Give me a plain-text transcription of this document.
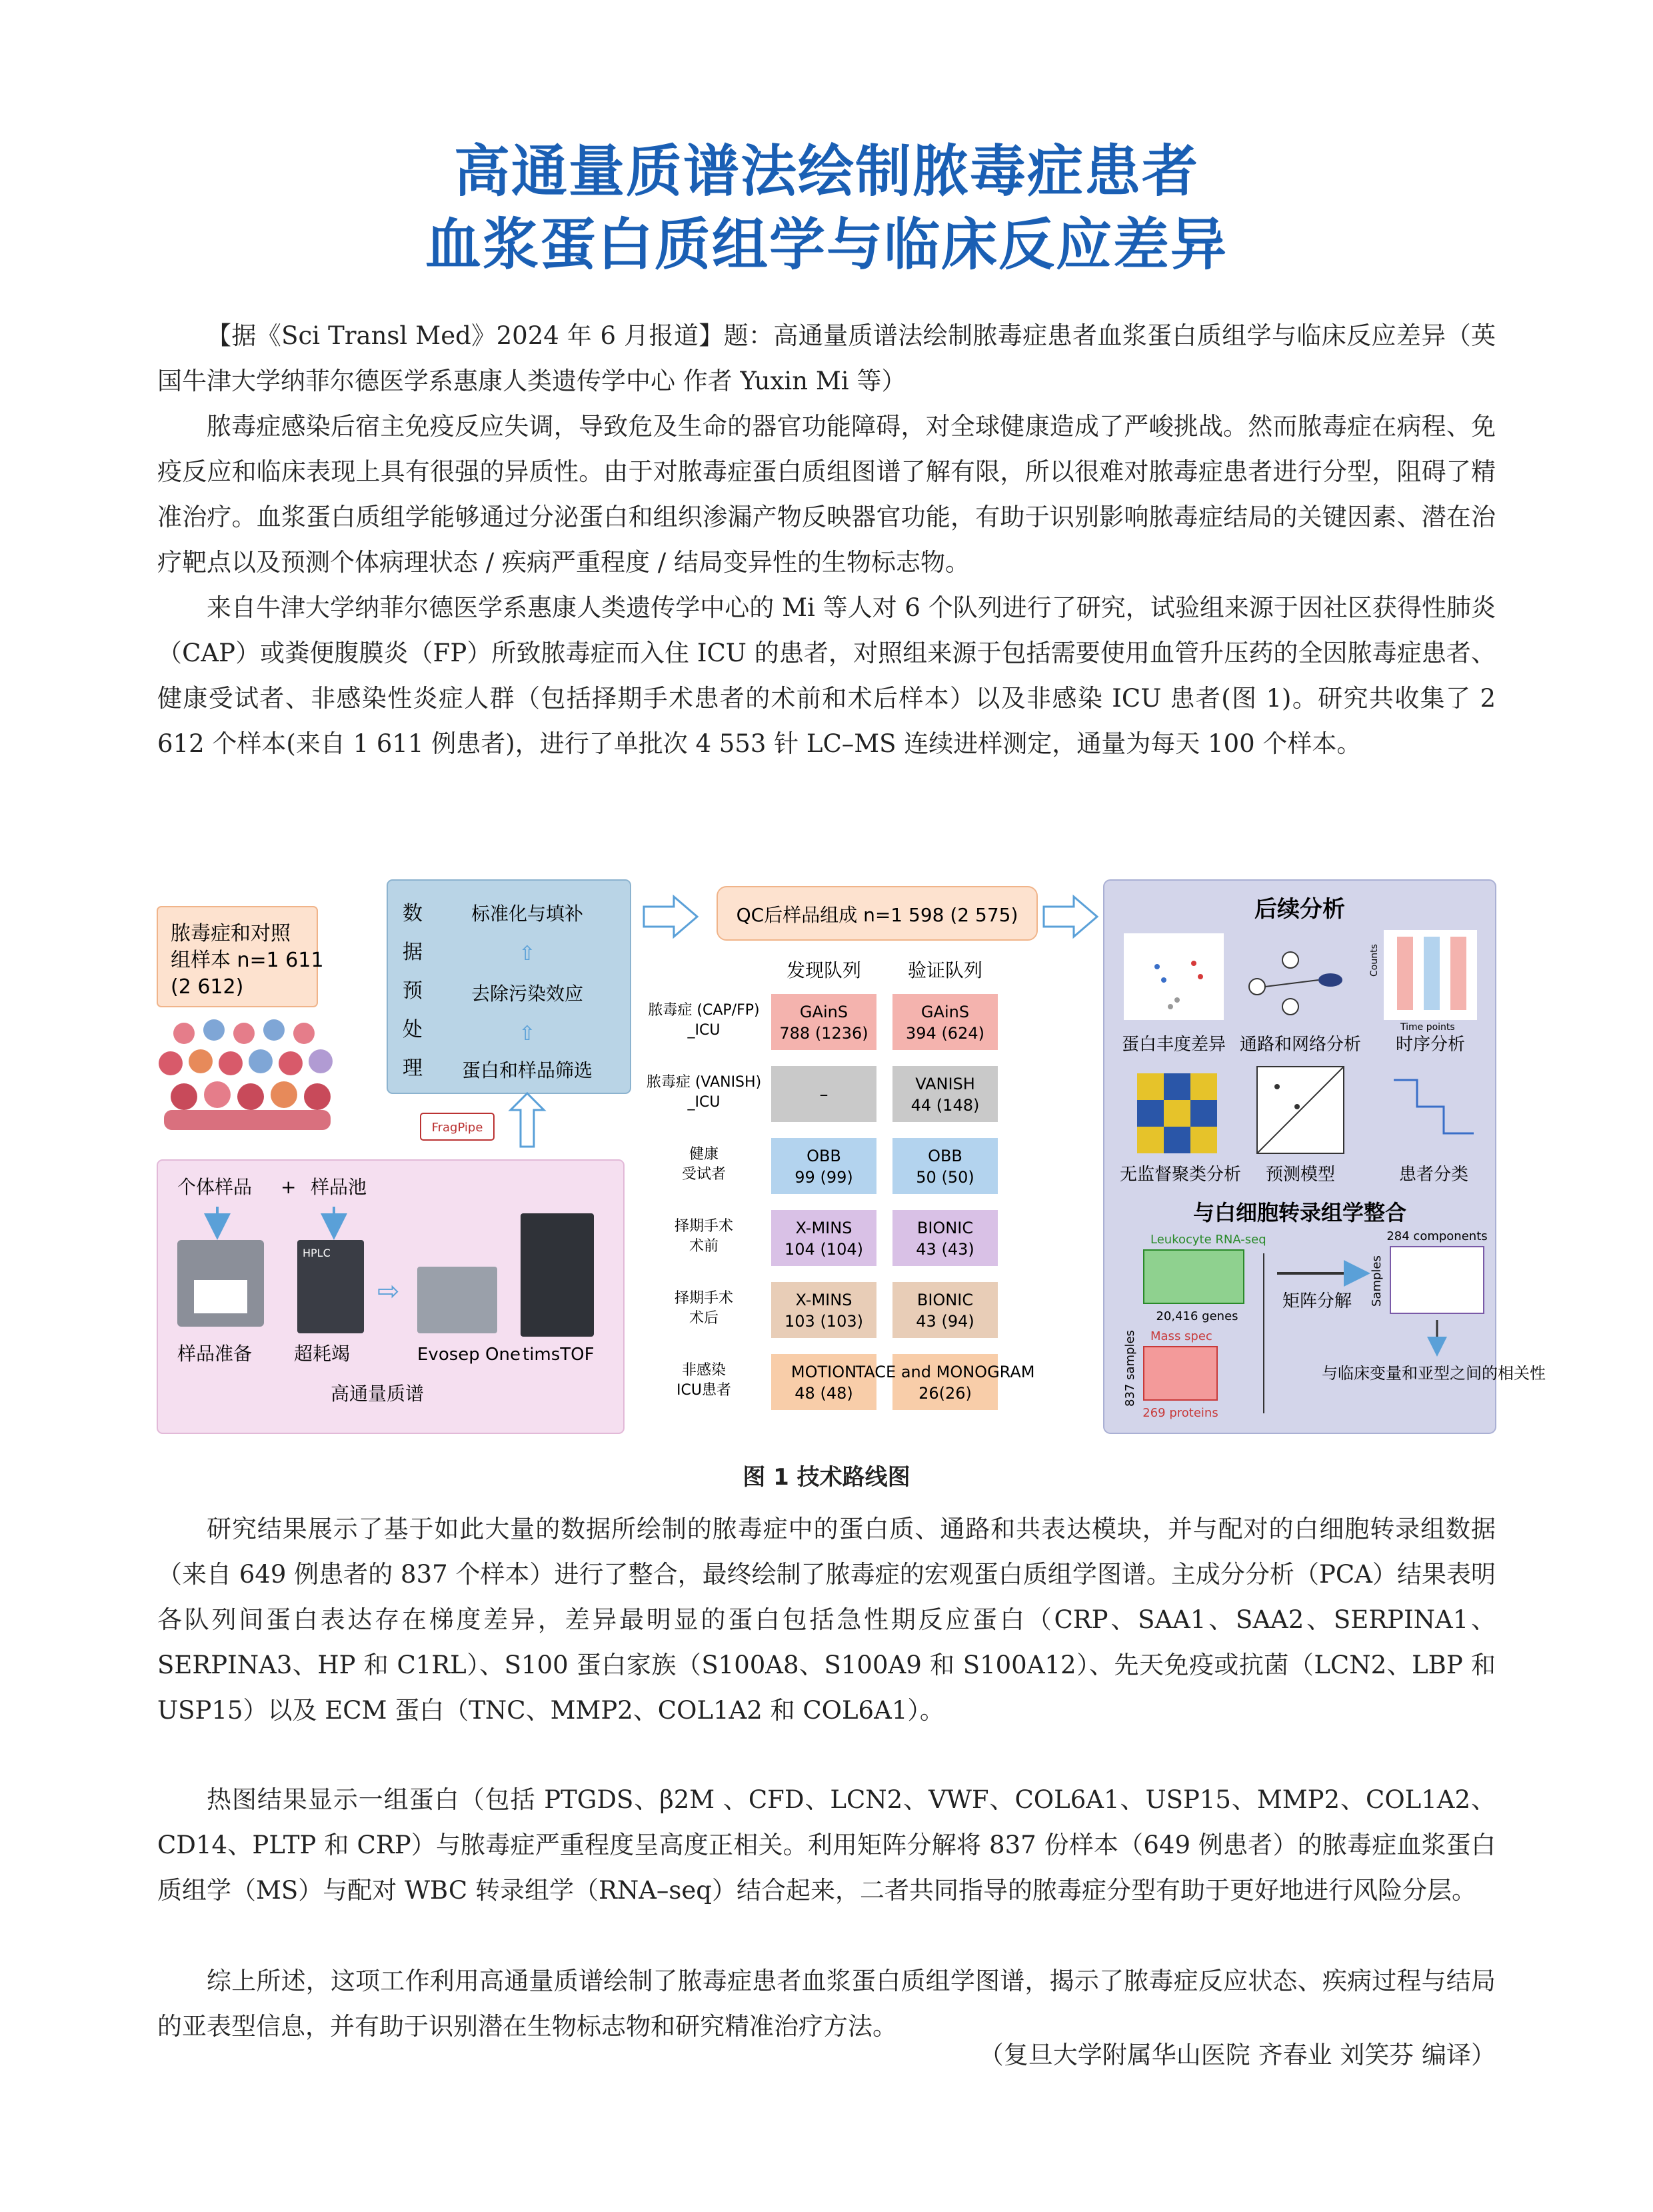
高通量质谱法绘制脓毒症患者
血浆蛋白质组学与临床反应差异

【据《Sci Transl Med》2024 年 6 月报道】题：高通量质谱法绘制脓毒症患者血浆蛋白质组学与临床反应差异（英国牛津大学纳菲尔德医学系惠康人类遗传学中心 作者 Yuxin Mi 等）

脓毒症感染后宿主免疫反应失调，导致危及生命的器官功能障碍，对全球健康造成了严峻挑战。然而脓毒症在病程、免疫反应和临床表现上具有很强的异质性。由于对脓毒症蛋白质组图谱了解有限，所以很难对脓毒症患者进行分型，阻碍了精准治疗。血浆蛋白质组学能够通过分泌蛋白和组织渗漏产物反映器官功能，有助于识别影响脓毒症结局的关键因素、潜在治疗靶点以及预测个体病理状态 / 疾病严重程度 / 结局变异性的生物标志物。

来自牛津大学纳菲尔德医学系惠康人类遗传学中心的 Mi 等人对 6 个队列进行了研究，试验组来源于因社区获得性肺炎（CAP）或粪便腹膜炎（FP）所致脓毒症而入住 ICU 的患者，对照组来源于包括需要使用血管升压药的全因脓毒症患者、健康受试者、非感染性炎症人群（包括择期手术患者的术前和术后样本）以及非感染 ICU 患者(图 1)。研究共收集了 2 612 个样本(来自 1 611 例患者)，进行了单批次 4 553 针 LC–MS 连续进样测定，通量为每天 100 个样本。

脓毒症和对照
组样本 n=1 611
(2 612)
数
据
预
处
理
标准化与填补
⇧
去除污染效应
⇧
蛋白和样品筛选
FragPipe
个体样品 + 样品池
HPLC
样品准备 超耗竭
⇨
Evosep One timsTOF
高通量质谱
QC后样品组成 n=1 598 (2 575)
发现队列 验证队列
脓毒症 (CAP/FP)
_ICU
GAinS
788 (1236)
GAinS
394 (624)
脓毒症 (VANISH)
_ICU	–
VANISH
44 (148)
健康
受试者
OBB
99 (99)
OBB
50 (50)
择期手术
术前
X-MINS
104 (104)
BIONIC
43 (43)
择期手术
术后
X-MINS
103 (103)
BIONIC
43 (94)
非感染
ICU患者
MOTION
48 (48)
TACE and MONOGRAM
26(26)
后续分析
Counts
Time points
蛋白丰度差异 通路和网络分析 时序分析
无监督聚类分析 预测模型	患者分类
与白细胞转录组学整合
Leukocyte RNA-seq
20,416 genes
837 samples Mass spec
269 proteins
矩阵分解
284 components
Samples
与临床变量和亚型之间的相关性
图 1 技术路线图

研究结果展示了基于如此大量的数据所绘制的脓毒症中的蛋白质、通路和共表达模块，并与配对的白细胞转录组数据（来自 649 例患者的 837 个样本）进行了整合，最终绘制了脓毒症的宏观蛋白质组学图谱。主成分分析（PCA）结果表明各队列间蛋白表达存在梯度差异，差异最明显的蛋白包括急性期反应蛋白（CRP、SAA1、SAA2、SERPINA1、SERPINA3、HP 和 C1RL）、S100 蛋白家族（S100A8、S100A9 和 S100A12）、先天免疫或抗菌（LCN2、LBP 和 USP15）以及 ECM 蛋白（TNC、MMP2、COL1A2 和 COL6A1）。

热图结果显示一组蛋白（包括 PTGDS、β2M 、CFD、LCN2、VWF、COL6A1、USP15、MMP2、COL1A2、CD14、PLTP 和 CRP）与脓毒症严重程度呈高度正相关。利用矩阵分解将 837 份样本（649 例患者）的脓毒症血浆蛋白质组学（MS）与配对 WBC 转录组学（RNA–seq）结合起来，二者共同指导的脓毒症分型有助于更好地进行风险分层。

综上所述，这项工作利用高通量质谱绘制了脓毒症患者血浆蛋白质组学图谱，揭示了脓毒症反应状态、疾病过程与结局的亚表型信息，并有助于识别潜在生物标志物和研究精准治疗方法。

（复旦大学附属华山医院 齐春业 刘笑芬 编译）
